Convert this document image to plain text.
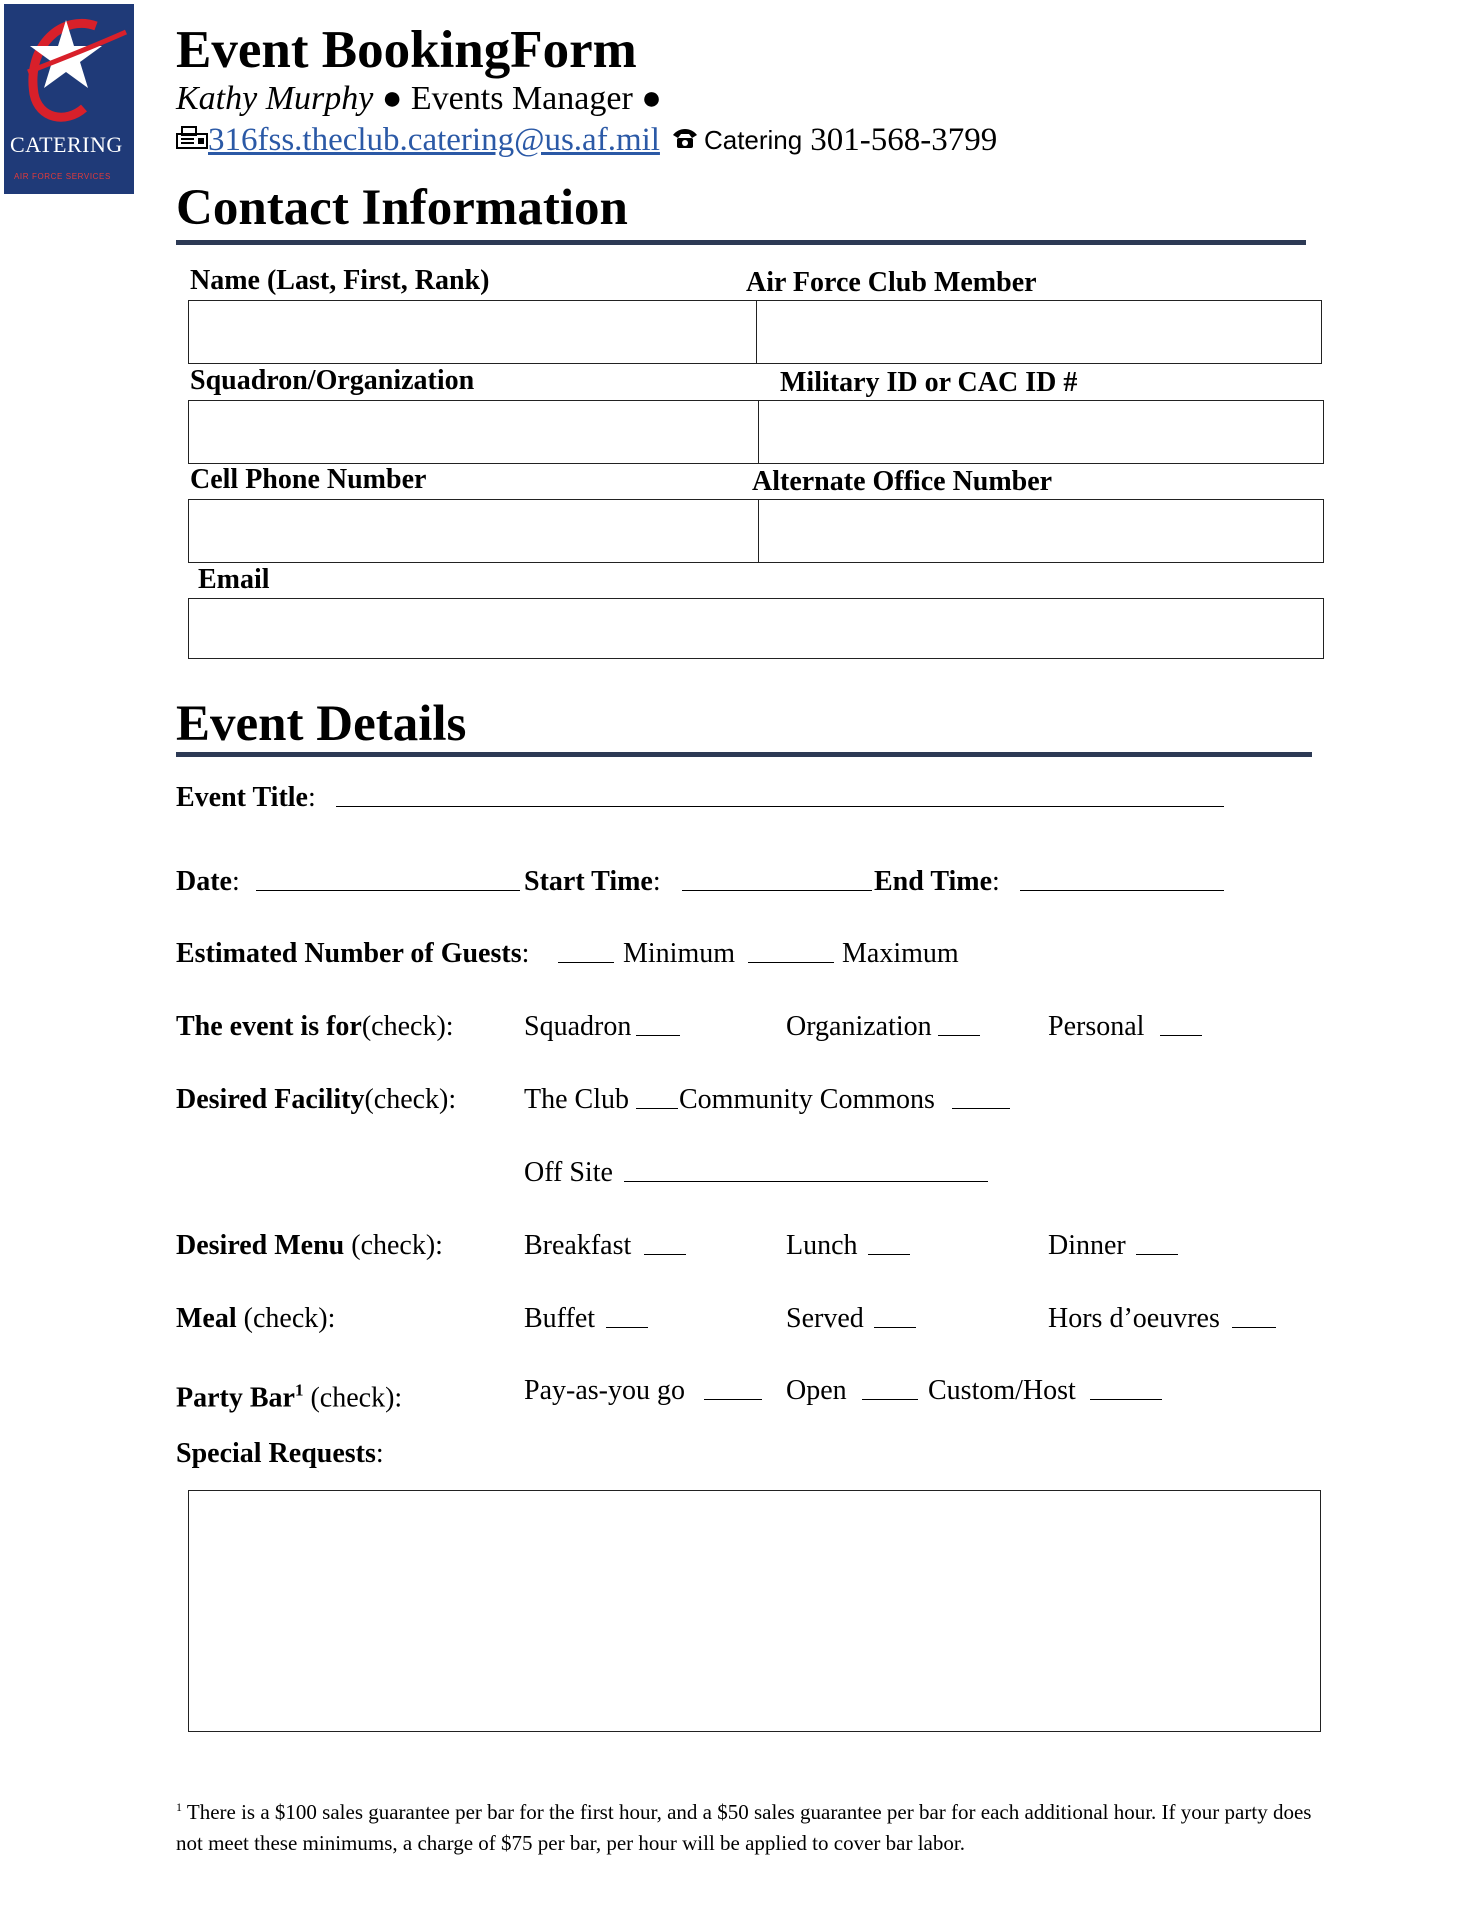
CATERING
AIR FORCE SERVICES
Event BookingForm
Kathy Murphy ● Events Manager ●
316fss.theclub.catering@us.af.mil Catering 301-568-3799
Contact Information
Name (Last, First, Rank)	Air Force Club Member
Squadron/Organization	Military ID or CAC ID #
Cell Phone Number	Alternate Office Number
Email
Event Details
Event Title:
Date:	Start Time:	End Time:
Estimated Number of Guests:	Minimum	Maximum
The event is for(check):	Squadron	Organization	Personal
Desired Facility(check): The Club Community Commons
Off Site
Desired Menu (check):	Breakfast	Lunch	Dinner
Meal (check):	Buffet	Served	Hors d’oeuvres
Party Bar$^1$ (check):	Pay-as-you go	Open	Custom/Host
Special Requests:
$^1$ There is a $100 sales guarantee per bar for the first hour, and a $50 sales guarantee per bar for each additional hour. If your party does not meet these minimums, a charge of $75 per bar, per hour will be applied to cover bar labor.
